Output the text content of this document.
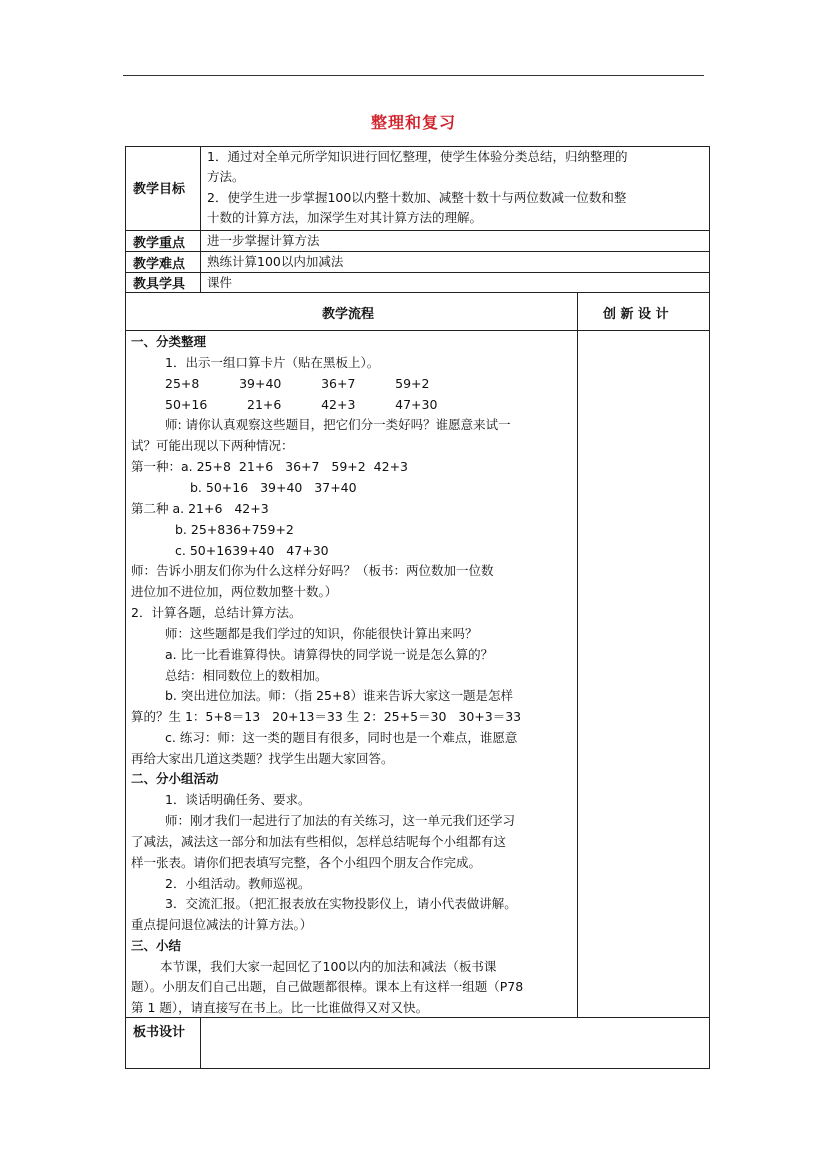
整理和复习
教学目标
教学重点
教学难点
教具学具
板书设计
1．通过对全单元所学知识进行回忆整理，使学生体验分类总结，归纳整理的
方法。
2．使学生进一步掌握100以内整十数加、减整十数十与两位数减一位数和整
十数的计算方法，加深学生对其计算方法的理解。
进一步掌握计算方法
熟练计算100以内加减法
课件
教学流程	创 新 设 计
一、分类整理
1．出示一组口算卡片（贴在黑板上）。
25+8          39+40          36+7          59+2
50+16          21+6          42+3          47+30
师: 请你认真观察这些题目，把它们分一类好吗？谁愿意来试一
试？可能出现以下两种情况：
第一种：a. 25+8  21+6   36+7   59+2  42+3
b. 50+16   39+40   37+40
第二种 a. 21+6   42+3
b. 25+836+759+2
c. 50+1639+40   47+30
师：告诉小朋友们你为什么这样分好吗？（板书：两位数加一位数
进位加不进位加，两位数加整十数。）
2．计算各题，总结计算方法。
师：这些题都是我们学过的知识，你能很快计算出来吗？
a. 比一比看谁算得快。请算得快的同学说一说是怎么算的？
总结：相同数位上的数相加。
b. 突出进位加法。师：（指 25+8）谁来告诉大家这一题是怎样
算的？生 1：5+8＝13   20+13＝33 生 2：25+5＝30   30+3＝33
c. 练习：师：这一类的题目有很多，同时也是一个难点，谁愿意
再给大家出几道这类题？找学生出题大家回答。
二、分小组活动
1．谈话明确任务、要求。
师：刚才我们一起进行了加法的有关练习，这一单元我们还学习
了减法，减法这一部分和加法有些相似，怎样总结呢每个小组都有这
样一张表。请你们把表填写完整，各个小组四个朋友合作完成。
2．小组活动。教师巡视。
3．交流汇报。（把汇报表放在实物投影仪上，请小代表做讲解。
重点提问退位减法的计算方法。）
三、小结
本节课，我们大家一起回忆了100以内的加法和减法（板书课
题）。小朋友们自己出题，自己做题都很棒。课本上有这样一组题（P78
第 1 题），请直接写在书上。比一比谁做得又对又快。
